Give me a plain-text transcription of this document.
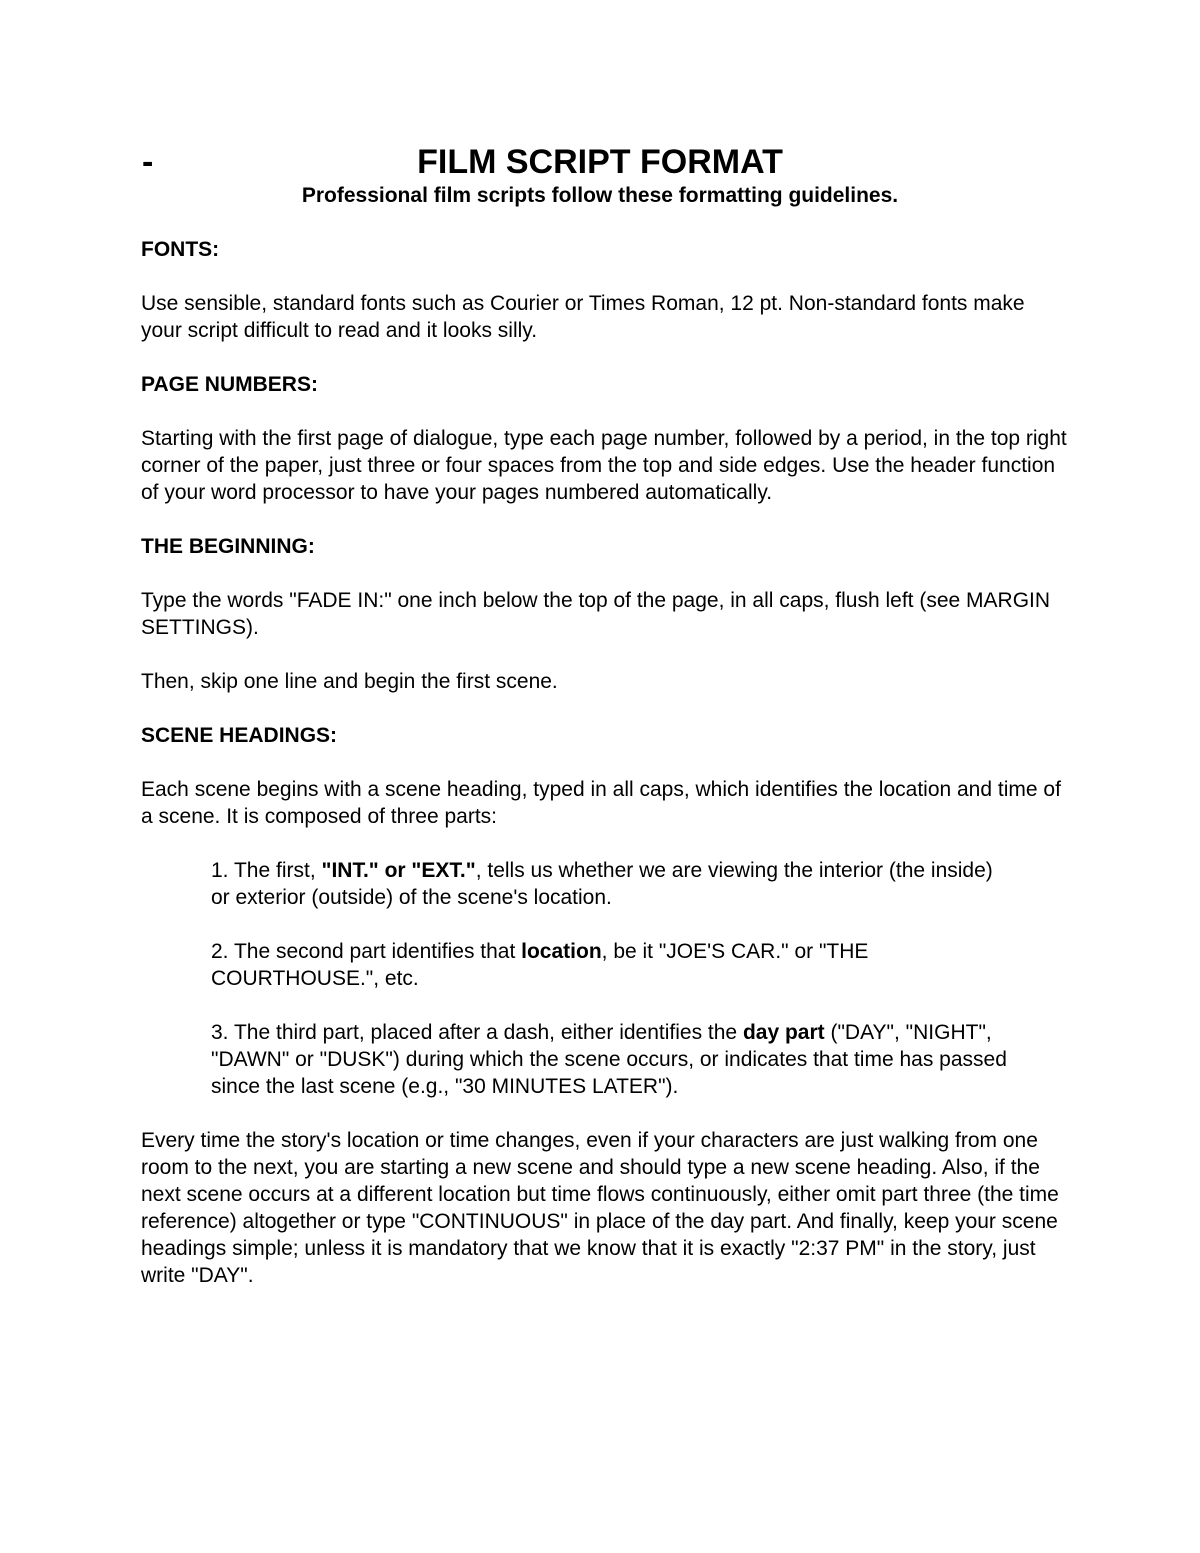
FILM SCRIPT FORMAT
-
Professional film scripts follow these formatting guidelines.
FONTS:
Use sensible, standard fonts such as Courier or Times Roman, 12 pt. Non-standard fonts make your script difficult to read and it looks silly.
PAGE NUMBERS:
Starting with the first page of dialogue, type each page number, followed by a period, in the top right corner of the paper, just three or four spaces from the top and side edges. Use the header function of your word processor to have your pages numbered automatically.
THE BEGINNING:
Type the words "FADE IN:" one inch below the top of the page, in all caps, flush left (see MARGIN SETTINGS).
Then, skip one line and begin the first scene.
SCENE HEADINGS:
Each scene begins with a scene heading, typed in all caps, which identifies the location and time of a scene. It is composed of three parts:
1. The first, "INT." or "EXT.", tells us whether we are viewing the interior (the inside) or exterior (outside) of the scene's location.
2. The second part identifies that location, be it "JOE'S CAR." or "THE COURTHOUSE.", etc.
3. The third part, placed after a dash, either identifies the day part ("DAY", "NIGHT", "DAWN" or "DUSK") during which the scene occurs, or indicates that time has passed since the last scene (e.g., "30 MINUTES LATER").
Every time the story's location or time changes, even if your characters are just walking from one room to the next, you are starting a new scene and should type a new scene heading. Also, if the next scene occurs at a different location but time flows continuously, either omit part three (the time reference) altogether or type "CONTINUOUS" in place of the day part. And finally, keep your scene headings simple; unless it is mandatory that we know that it is exactly "2:37 PM" in the story, just write "DAY".
